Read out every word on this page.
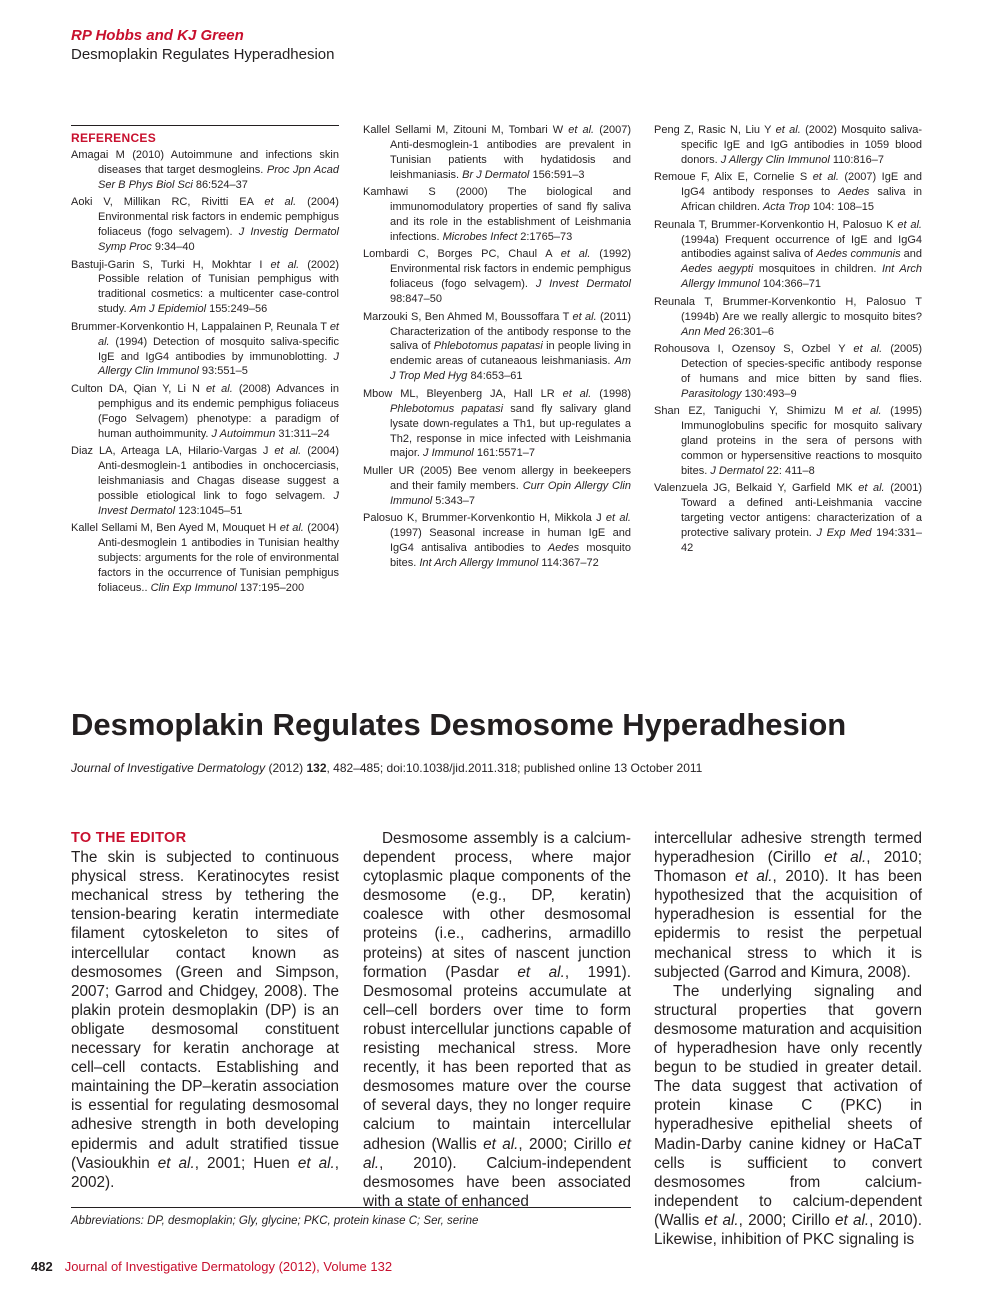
RP Hobbs and KJ Green
Desmoplakin Regulates Hyperadhesion
REFERENCES
Amagai M (2010) Autoimmune and infections skin diseases that target desmogleins. Proc Jpn Acad Ser B Phys Biol Sci 86:524–37
Aoki V, Millikan RC, Rivitti EA et al. (2004) Environmental risk factors in endemic pemphigus foliaceus (fogo selvagem). J Investig Dermatol Symp Proc 9:34–40
Bastuji-Garin S, Turki H, Mokhtar I et al. (2002) Possible relation of Tunisian pemphigus with traditional cosmetics: a multicenter case-control study. Am J Epidemiol 155:249–56
Brummer-Korvenkontio H, Lappalainen P, Reunala T et al. (1994) Detection of mosquito saliva-specific IgE and IgG4 antibodies by immunoblotting. J Allergy Clin Immunol 93:551–5
Culton DA, Qian Y, Li N et al. (2008) Advances in pemphigus and its endemic pemphigus foliaceus (Fogo Selvagem) phenotype: a paradigm of human authoimmunity. J Autoimmun 31:311–24
Diaz LA, Arteaga LA, Hilario-Vargas J et al. (2004) Anti-desmoglein-1 antibodies in onchocerciasis, leishmaniasis and Chagas disease suggest a possible etiological link to fogo selvagem. J Invest Dermatol 123:1045–51
Kallel Sellami M, Ben Ayed M, Mouquet H et al. (2004) Anti-desmoglein 1 antibodies in Tunisian healthy subjects: arguments for the role of environmental factors in the occurrence of Tunisian pemphigus foliaceus.. Clin Exp Immunol 137:195–200
Kallel Sellami M, Zitouni M, Tombari W et al. (2007) Anti-desmoglein-1 antibodies are prevalent in Tunisian patients with hydatidosis and leishmaniasis. Br J Dermatol 156:591–3
Kamhawi S (2000) The biological and immunomodulatory properties of sand fly saliva and its role in the establishment of Leishmania infections. Microbes Infect 2:1765–73
Lombardi C, Borges PC, Chaul A et al. (1992) Environmental risk factors in endemic pemphigus foliaceus (fogo selvagem). J Invest Dermatol 98:847–50
Marzouki S, Ben Ahmed M, Boussoffara T et al. (2011) Characterization of the antibody response to the saliva of Phlebotomus papatasi in people living in endemic areas of cutaneaous leishmaniasis. Am J Trop Med Hyg 84:653–61
Mbow ML, Bleyenberg JA, Hall LR et al. (1998) Phlebotomus papatasi sand fly salivary gland lysate down-regulates a Th1, but up-regulates a Th2, response in mice infected with Leishmania major. J Immunol 161:5571–7
Muller UR (2005) Bee venom allergy in beekeepers and their family members. Curr Opin Allergy Clin Immunol 5:343–7
Palosuo K, Brummer-Korvenkontio H, Mikkola J et al. (1997) Seasonal increase in human IgE and IgG4 antisaliva antibodies to Aedes mosquito bites. Int Arch Allergy Immunol 114:367–72
Peng Z, Rasic N, Liu Y et al. (2002) Mosquito saliva-specific IgE and IgG antibodies in 1059 blood donors. J Allergy Clin Immunol 110:816–7
Remoue F, Alix E, Cornelie S et al. (2007) IgE and IgG4 antibody responses to Aedes saliva in African children. Acta Trop 104: 108–15
Reunala T, Brummer-Korvenkontio H, Palosuo K et al. (1994a) Frequent occurrence of IgE and IgG4 antibodies against saliva of Aedes communis and Aedes aegypti mosquitoes in children. Int Arch Allergy Immunol 104:366–71
Reunala T, Brummer-Korvenkontio H, Palosuo T (1994b) Are we really allergic to mosquito bites? Ann Med 26:301–6
Rohousova I, Ozensoy S, Ozbel Y et al. (2005) Detection of species-specific antibody response of humans and mice bitten by sand flies. Parasitology 130:493–9
Shan EZ, Taniguchi Y, Shimizu M et al. (1995) Immunoglobulins specific for mosquito salivary gland proteins in the sera of persons with common or hypersensitive reactions to mosquito bites. J Dermatol 22: 411–8
Valenzuela JG, Belkaid Y, Garfield MK et al. (2001) Toward a defined anti-Leishmania vaccine targeting vector antigens: characterization of a protective salivary protein. J Exp Med 194:331–42
Desmoplakin Regulates Desmosome Hyperadhesion
Journal of Investigative Dermatology (2012) 132, 482–485; doi:10.1038/jid.2011.318; published online 13 October 2011
TO THE EDITOR

The skin is subjected to continuous physical stress. Keratinocytes resist mechanical stress by tethering the tension-bearing keratin intermediate filament cytoskeleton to sites of intercellular contact known as desmosomes (Green and Simpson, 2007; Garrod and Chidgey, 2008). The plakin protein desmoplakin (DP) is an obligate desmosomal constituent necessary for keratin anchorage at cell–cell contacts. Establishing and maintaining the DP–keratin association is essential for regulating desmosomal adhesive strength in both developing epidermis and adult stratified tissue (Vasioukhin et al., 2001; Huen et al., 2002).

Desmosome assembly is a calcium-dependent process, where major cytoplasmic plaque components of the desmosome (e.g., DP, keratin) coalesce with other desmosomal proteins (i.e., cadherins, armadillo proteins) at sites of nascent junction formation (Pasdar et al., 1991). Desmosomal proteins accumulate at cell–cell borders over time to form robust intercellular junctions capable of resisting mechanical stress. More recently, it has been reported that as desmosomes mature over the course of several days, they no longer require calcium to maintain intercellular adhesion (Wallis et al., 2000; Cirillo et al., 2010). Calcium-independent desmosomes have been associated with a state of enhanced

intercellular adhesive strength termed hyperadhesion (Cirillo et al., 2010; Thomason et al., 2010). It has been hypothesized that the acquisition of hyperadhesion is essential for the epidermis to resist the perpetual mechanical stress to which it is subjected (Garrod and Kimura, 2008).

The underlying signaling and structural properties that govern desmosome maturation and acquisition of hyperadhesion have only recently begun to be studied in greater detail. The data suggest that activation of protein kinase C (PKC) in hyperadhesive epithelial sheets of Madin-Darby canine kidney or HaCaT cells is sufficient to convert desmosomes from calcium-independent to calcium-dependent (Wallis et al., 2000; Cirillo et al., 2010). Likewise, inhibition of PKC signaling is

Abbreviations: DP, desmoplakin; Gly, glycine; PKC, protein kinase C; Ser, serine
482 Journal of Investigative Dermatology (2012), Volume 132
